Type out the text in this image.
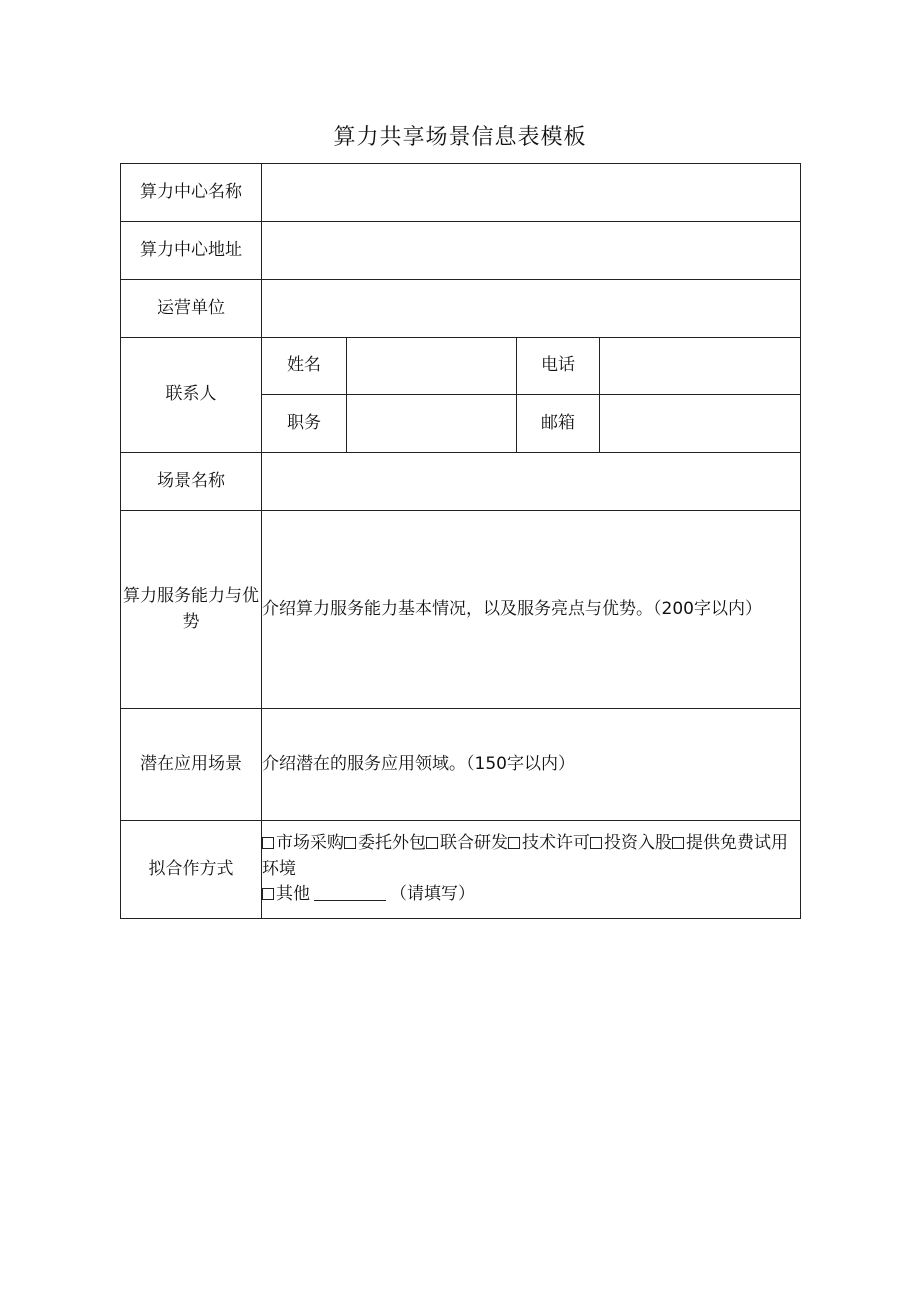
算力共享场景信息表模板
算力中心名称				
算力中心地址				
运营单位				
联系人	姓名		电话	
	职务		邮箱	
场景名称				
算力服务能力与优势	介绍算力服务能力基本情况，以及服务亮点与优势。（200字以内）			
潜在应用场景	介绍潜在的服务应用领域。（150字以内）			
拟合作方式	市场采购 委托外包 联合研发 技术许可 投资入股 提供免费试用环境
其他 （请填写）			
